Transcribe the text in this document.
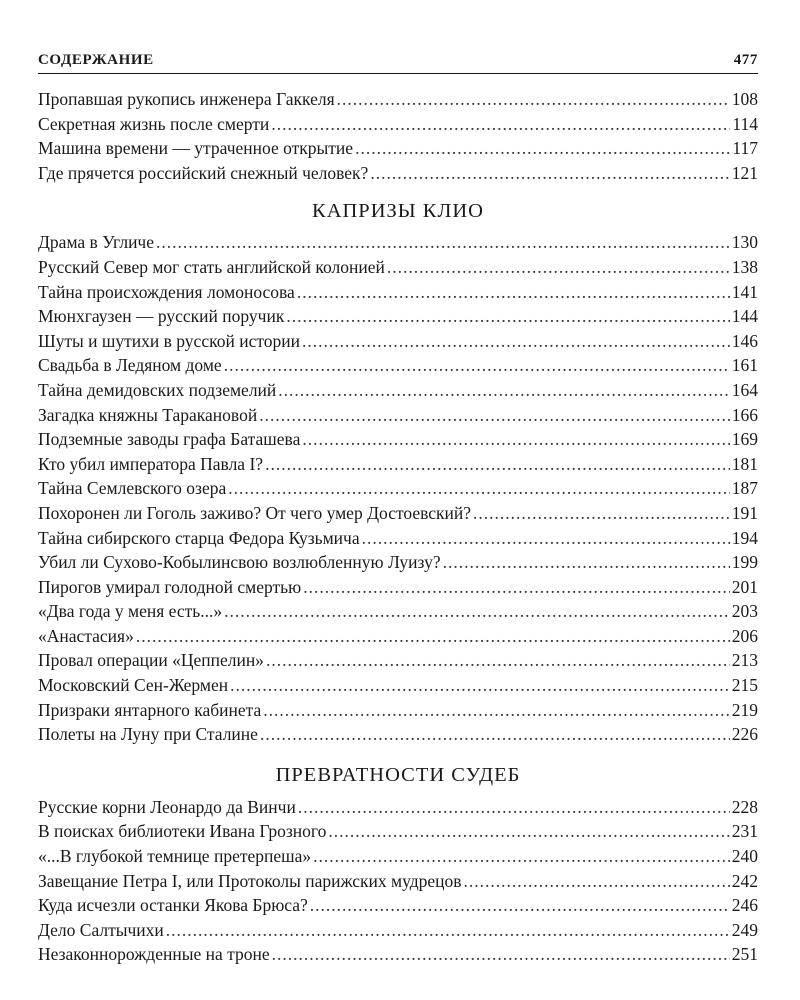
СОДЕРЖАНИЕ	477
Пропавшая рукопись инженера Гаккеля .....	108
Секретная жизнь после смерти .....	114
Машина времени — утраченное открытие .....	117
Где прячется российский снежный человек? .....	121
КАПРИЗЫ КЛИО
Драма в Угличе .....	130
Русский Север мог стать английской колонией .....	138
Тайна происхождения ломоносова .....	141
Мюнхгаузен — русский поручик .....	144
Шуты и шутихи в русской истории .....	146
Свадьба в Ледяном доме .....	161
Тайна демидовских подземелий .....	164
Загадка княжны Таракановой .....	166
Подземные заводы графа Баташева .....	169
Кто убил императора Павла I? .....	181
Тайна Семлевского озера .....	187
Похоронен ли Гоголь заживо? От чего умер Достоевский? .....	191
Тайна сибирского старца Федора Кузьмича .....	194
Убил ли Сухово-Кобылинсвою возлюбленную Луизу? .....	199
Пирогов умирал голодной смертью .....	201
«Два года у меня есть...» .....	203
«Анастасия» .....	206
Провал операции «Цеппелин» .....	213
Московский Сен-Жермен .....	215
Призраки янтарного кабинета .....	219
Полеты на Луну при Сталине .....	226
ПРЕВРАТНОСТИ СУДЕБ
Русские корни Леонардо да Винчи .....	228
В поисках библиотеки Ивана Грозного .....	231
«...В глубокой темнице претерпеша» .....	240
Завещание Петра I, или Протоколы парижских мудрецов .....	242
Куда исчезли останки Якова Брюса? .....	246
Дело Салтычихи .....	249
Незаконнорожденные на троне .....	251
